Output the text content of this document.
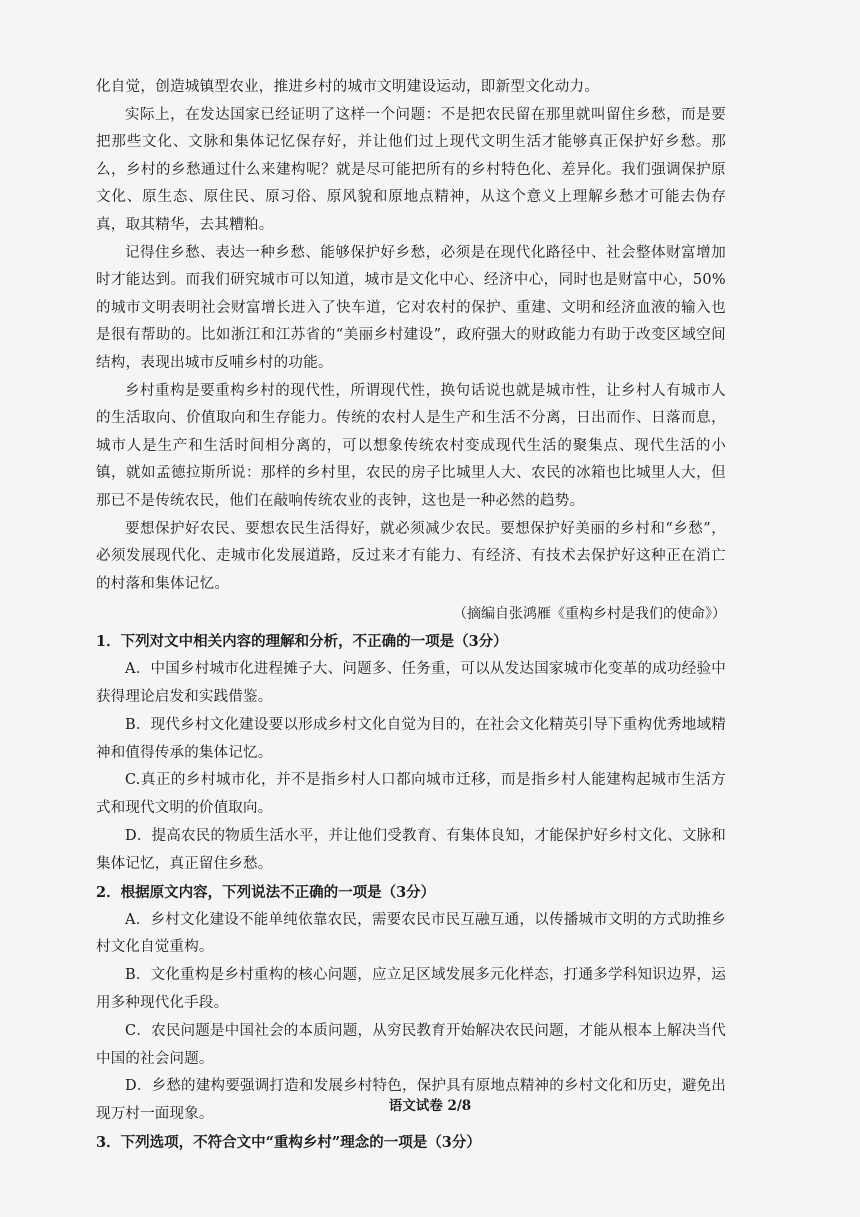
化自觉，创造城镇型农业，推进乡村的城市文明建设运动，即新型文化动力。

实际上，在发达国家已经证明了这样一个问题：不是把农民留在那里就叫留住乡愁，而是要把那些文化、文脉和集体记忆保存好，并让他们过上现代文明生活才能够真正保护好乡愁。那么，乡村的乡愁通过什么来建构呢？就是尽可能把所有的乡村特色化、差异化。我们强调保护原文化、原生态、原住民、原习俗、原风貌和原地点精神，从这个意义上理解乡愁才可能去伪存真，取其精华，去其糟粕。

记得住乡愁、表达一种乡愁、能够保护好乡愁，必须是在现代化路径中、社会整体财富增加时才能达到。而我们研究城市可以知道，城市是文化中心、经济中心，同时也是财富中心，50%的城市文明表明社会财富增长进入了快车道，它对农村的保护、重建、文明和经济血液的输入也是很有帮助的。比如浙江和江苏省的“美丽乡村建设”，政府强大的财政能力有助于改变区域空间结构，表现出城市反哺乡村的功能。

乡村重构是要重构乡村的现代性，所谓现代性，换句话说也就是城市性，让乡村人有城市人的生活取向、价值取向和生存能力。传统的农村人是生产和生活不分离，日出而作、日落而息，城市人是生产和生活时间相分离的，可以想象传统农村变成现代生活的聚集点、现代生活的小镇，就如孟德拉斯所说：那样的乡村里，农民的房子比城里人大、农民的冰箱也比城里人大，但那已不是传统农民，他们在敲响传统农业的丧钟，这也是一种必然的趋势。

要想保护好农民、要想农民生活得好，就必须减少农民。要想保护好美丽的乡村和“乡愁”，必须发展现代化、走城市化发展道路，反过来才有能力、有经济、有技术去保护好这种正在消亡的村落和集体记忆。

（摘编自张鸿雁《重构乡村是我们的使命》）

1．下列对文中相关内容的理解和分析，不正确的一项是（3分）

A．中国乡村城市化进程摊子大、问题多、任务重，可以从发达国家城市化变革的成功经验中获得理论启发和实践借鉴。

B．现代乡村文化建设要以形成乡村文化自觉为目的，在社会文化精英引导下重构优秀地域精神和值得传承的集体记忆。

C.真正的乡村城市化，并不是指乡村人口都向城市迁移，而是指乡村人能建构起城市生活方式和现代文明的价值取向。

D．提高农民的物质生活水平，并让他们受教育、有集体良知，才能保护好乡村文化、文脉和集体记忆，真正留住乡愁。

2．根据原文内容，下列说法不正确的一项是（3分）

A．乡村文化建设不能单纯依靠农民，需要农民市民互融互通，以传播城市文明的方式助推乡村文化自觉重构。

B．文化重构是乡村重构的核心问题，应立足区域发展多元化样态，打通多学科知识边界，运用多种现代化手段。

C．农民问题是中国社会的本质问题，从穷民教育开始解决农民问题，才能从根本上解决当代中国的社会问题。

D．乡愁的建构要强调打造和发展乡村特色，保护具有原地点精神的乡村文化和历史，避免出现万村一面现象。

3．下列选项，不符合文中“重构乡村”理念的一项是（3分）

语文试卷 2/8
